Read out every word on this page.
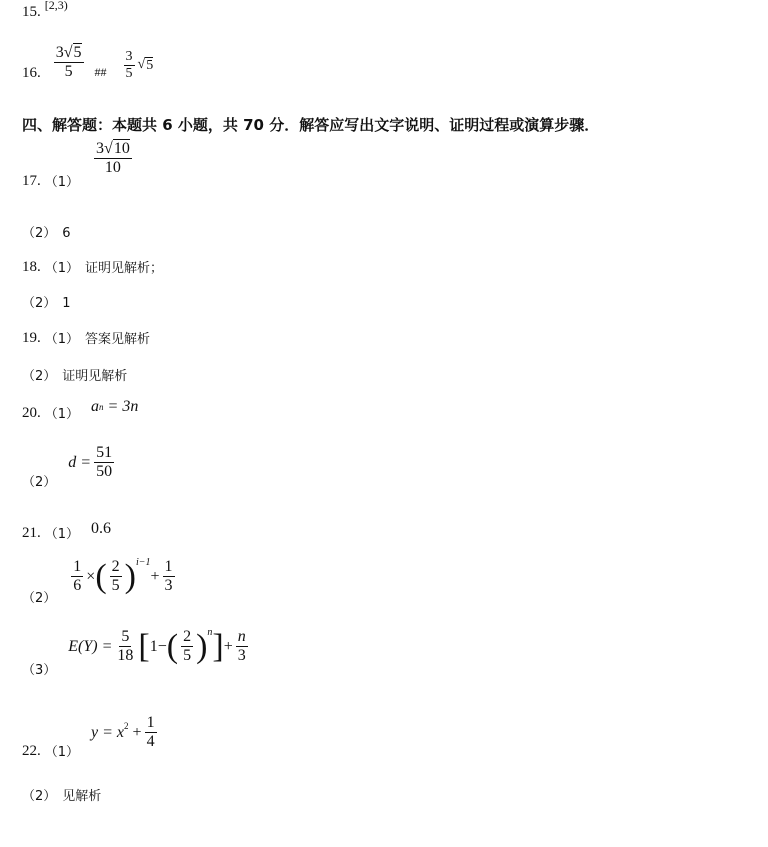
15. [2,3)
16. $\frac{3√5}{5}$ ## $\frac{3}{5}$ √ 5
四、解答题：本题共 6 小题，共 70 分．解答应写出文字说明、证明过程或演算步骤．
17. （1）
$\frac{3√10}{10}$
（2） 6
18. （1） 证明见解析；
（2） 1
19. （1） 答案见解析
（2） 证明见解析
20. （1） a n
= 3n
（2）
$d = \frac{51}{50}$
21. （1） 0.6
（2）
$\frac{1}{6}$ × ( $\frac{2}{5}$ ) i−1
+ $\frac{1}{3}$
（3）
$E(Y) = \frac{5}{18}$ [ 1− ( $\frac{2}{5}$ ) n ] + $\frac{n}{3}$
22. （1）
y = x 2
+ $\frac{1}{4}$
（2） 见解析
